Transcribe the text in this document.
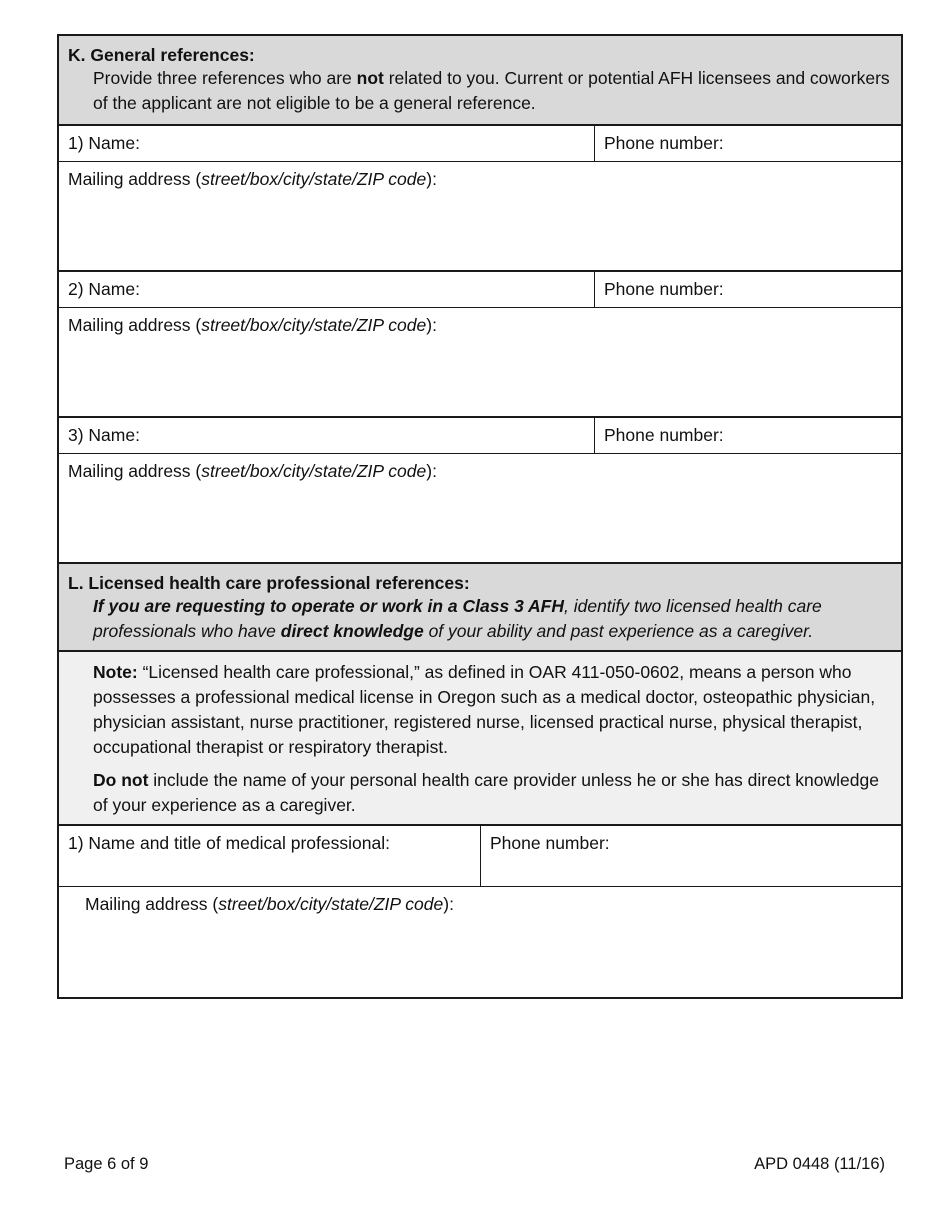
K. General references:
Provide three references who are not related to you. Current or potential AFH licensees and coworkers of the applicant are not eligible to be a general reference.
1) Name:	Phone number:
Mailing address (street/box/city/state/ZIP code):
2) Name:	Phone number:
Mailing address (street/box/city/state/ZIP code):
3) Name:	Phone number:
Mailing address (street/box/city/state/ZIP code):
L. Licensed health care professional references:
If you are requesting to operate or work in a Class 3 AFH, identify two licensed health care professionals who have direct knowledge of your ability and past experience as a caregiver.

Note: “Licensed health care professional,” as defined in OAR 411-050-0602, means a person who possesses a professional medical license in Oregon such as a medical doctor, osteopathic physician, physician assistant, nurse practitioner, registered nurse, licensed practical nurse, physical therapist, occupational therapist or respiratory therapist.

Do not include the name of your personal health care provider unless he or she has direct knowledge of your experience as a caregiver.

1) Name and title of medical professional:	Phone number:
Mailing address (street/box/city/state/ZIP code):
Page 6 of 9	APD 0448 (11/16)
